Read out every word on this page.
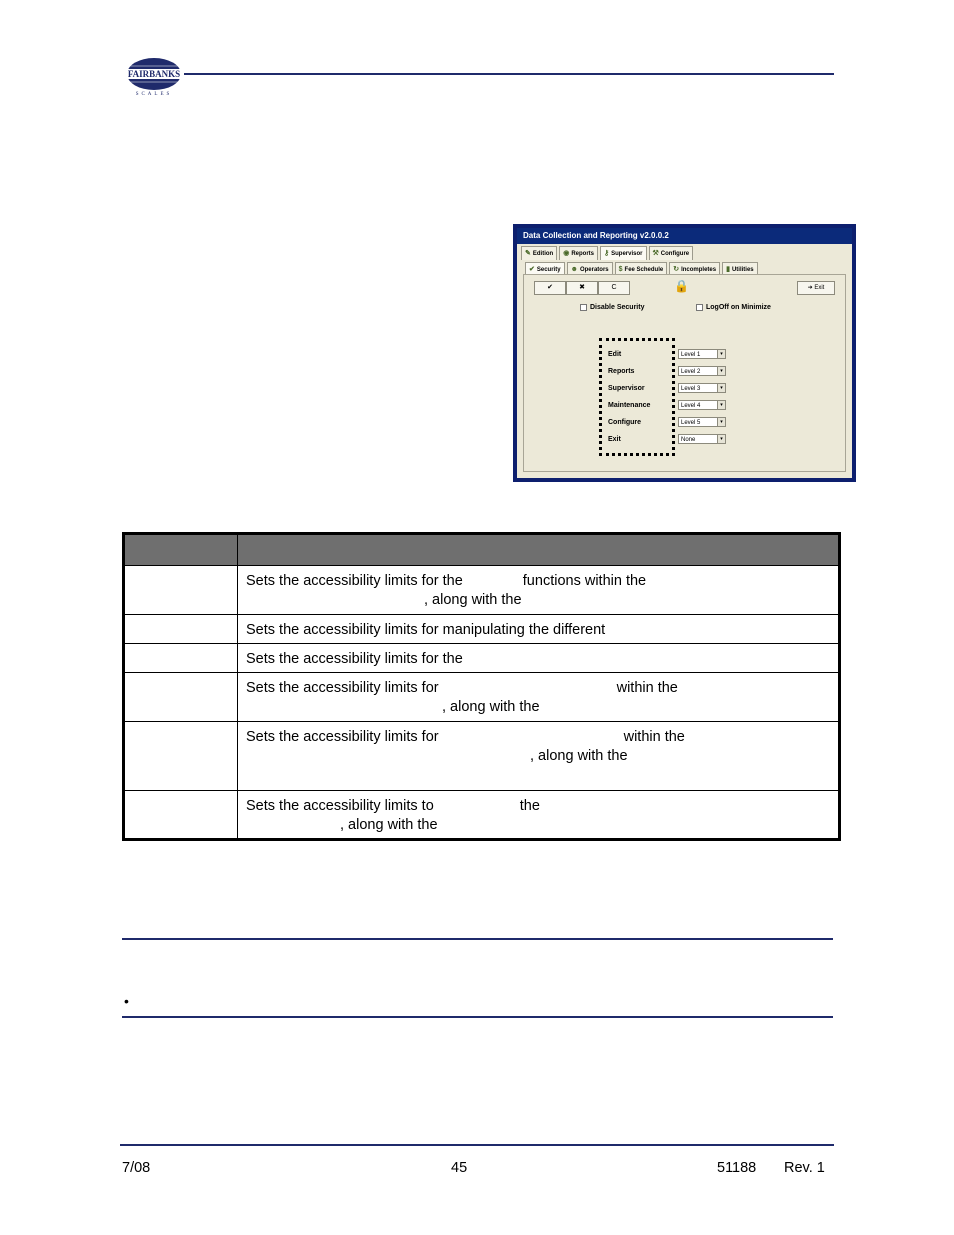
FAIRBANKS
SCALES
Data Collection and Reporting v2.0.0.2
✎ Edition ◉ Reports ⚷ Supervisor ⚒ Configure
✔ Security ☻ Operators $ Fee Schedule ↻ Incompletes ▮ Utilities
✔	✖	C	🔒	➜ Exit
Disable Security	LogOff on Minimize
Edit	Level 1	▾
Reports	Level 2	▾
Supervisor	Level 3	▾
Maintenance	Level 4	▾
Configure	Level 5	▾
Exit	None	▾

	Sets the accessibility limits for the functions within the
, along with the
	Sets the accessibility limits for manipulating the different
	Sets the accessibility limits for the
	Sets the accessibility limits for within the
, along with the
	Sets the accessibility limits for within the
, along with the
	Sets the accessibility limits to the
, along with the
•
7/08	45	51188 Rev. 1
